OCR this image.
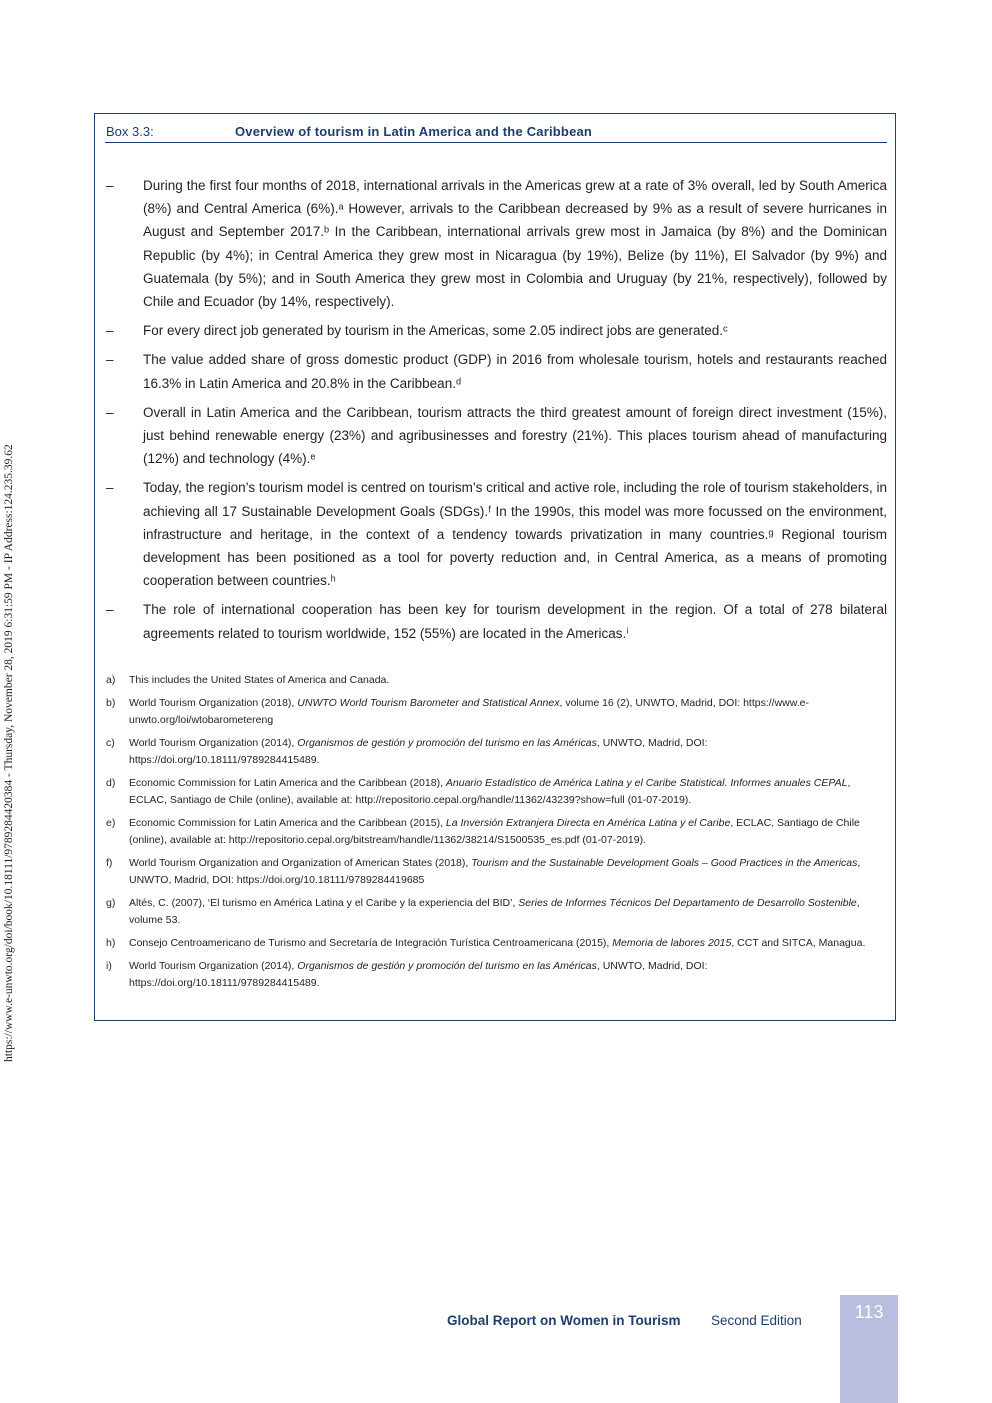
https://www.e-unwto.org/doi/book/10.18111/9789284420384 - Thursday, November 28, 2019 6:31:59 PM - IP Address:124.235.39.62
Box 3.3:	Overview of tourism in Latin America and the Caribbean
– During the first four months of 2018, international arrivals in the Americas grew at a rate of 3% overall, led by South America (8%) and Central America (6%).ᵃ However, arrivals to the Caribbean decreased by 9% as a result of severe hurricanes in August and September 2017.ᵇ In the Caribbean, international arrivals grew most in Jamaica (by 8%) and the Dominican Republic (by 4%); in Central America they grew most in Nicaragua (by 19%), Belize (by 11%), El Salvador (by 9%) and Guatemala (by 5%); and in South America they grew most in Colombia and Uruguay (by 21%, respectively), followed by Chile and Ecuador (by 14%, respectively).
– For every direct job generated by tourism in the Americas, some 2.05 indirect jobs are generated.ᶜ
– The value added share of gross domestic product (GDP) in 2016 from wholesale tourism, hotels and restaurants reached 16.3% in Latin America and 20.8% in the Caribbean.ᵈ
– Overall in Latin America and the Caribbean, tourism attracts the third greatest amount of foreign direct investment (15%), just behind renewable energy (23%) and agribusinesses and forestry (21%). This places tourism ahead of manufacturing (12%) and technology (4%).ᵉ
– Today, the region’s tourism model is centred on tourism’s critical and active role, including the role of tourism stakeholders, in achieving all 17 Sustainable Development Goals (SDGs).ᶠ In the 1990s, this model was more focussed on the environment, infrastructure and heritage, in the context of a tendency towards privatization in many countries.ᵍ Regional tourism development has been positioned as a tool for poverty reduction and, in Central America, as a means of promoting cooperation between countries.ʰ
– The role of international cooperation has been key for tourism development in the region. Of a total of 278 bilateral agreements related to tourism worldwide, 152 (55%) are located in the Americas.ⁱ
a) This includes the United States of America and Canada.
b) World Tourism Organization (2018), UNWTO World Tourism Barometer and Statistical Annex, volume 16 (2), UNWTO, Madrid, DOI: https://www.e-unwto.org/loi/wtobarometereng
c) World Tourism Organization (2014), Organismos de gestión y promoción del turismo en las Américas, UNWTO, Madrid, DOI: https://doi.org/10.18111/9789284415489.
d) Economic Commission for Latin America and the Caribbean (2018), Anuario Estadístico de América Latina y el Caribe Statistical. Informes anuales CEPAL, ECLAC, Santiago de Chile (online), available at: http://repositorio.cepal.org/handle/11362/43239?show=full (01-07-2019).
e) Economic Commission for Latin America and the Caribbean (2015), La Inversión Extranjera Directa en América Latina y el Caribe, ECLAC, Santiago de Chile (online), available at: http://repositorio.cepal.org/bitstream/handle/11362/38214/S1500535_es.pdf (01-07-2019).
f) World Tourism Organization and Organization of American States (2018), Tourism and the Sustainable Development Goals – Good Practices in the Americas, UNWTO, Madrid, DOI: https://doi.org/10.18111/9789284419685
g) Altés, C. (2007), ‘El turismo en América Latina y el Caribe y la experiencia del BID’, Series de Informes Técnicos Del Departamento de Desarrollo Sostenible, volume 53.
h) Consejo Centroamericano de Turismo and Secretaría de Integración Turística Centroamericana (2015), Memoria de labores 2015, CCT and SITCA, Managua.
i) World Tourism Organization (2014), Organismos de gestión y promoción del turismo en las Américas, UNWTO, Madrid, DOI: https://doi.org/10.18111/9789284415489.
Global Report on Women in Tourism Second Edition	113
